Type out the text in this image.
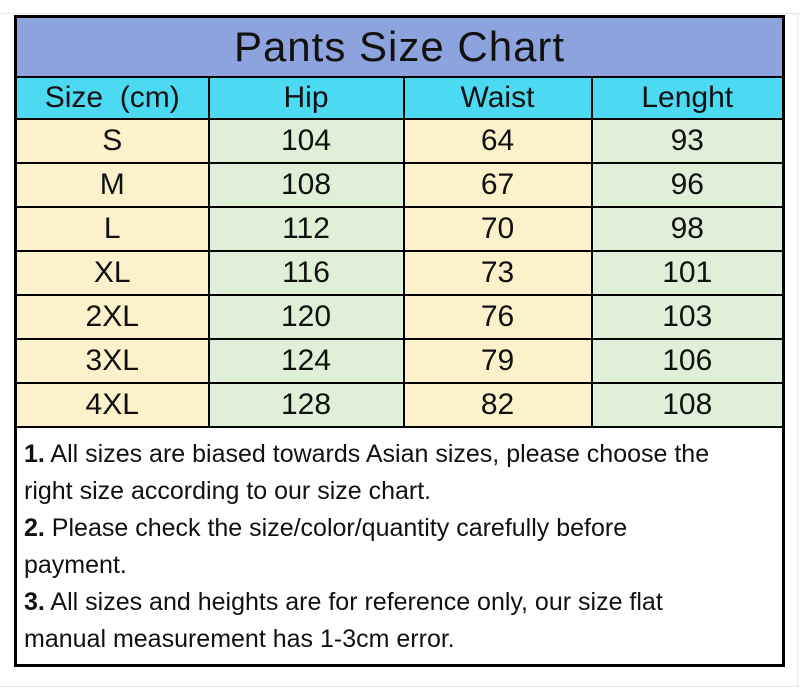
Pants Size Chart			
Size  (cm)	Hip	Waist	Lenght
S	104	64	93
M	108	67	96
L	112	70	98
XL	116	73	101
2XL	120	76	103
3XL	124	79	106
4XL	128	82	108

1. All sizes are biased towards Asian sizes, please choose the
right size according to our size chart.
2. Please check the size/color/quantity carefully before
payment.
3. All sizes and heights are for reference only, our size flat
manual measurement has 1-3cm error.
